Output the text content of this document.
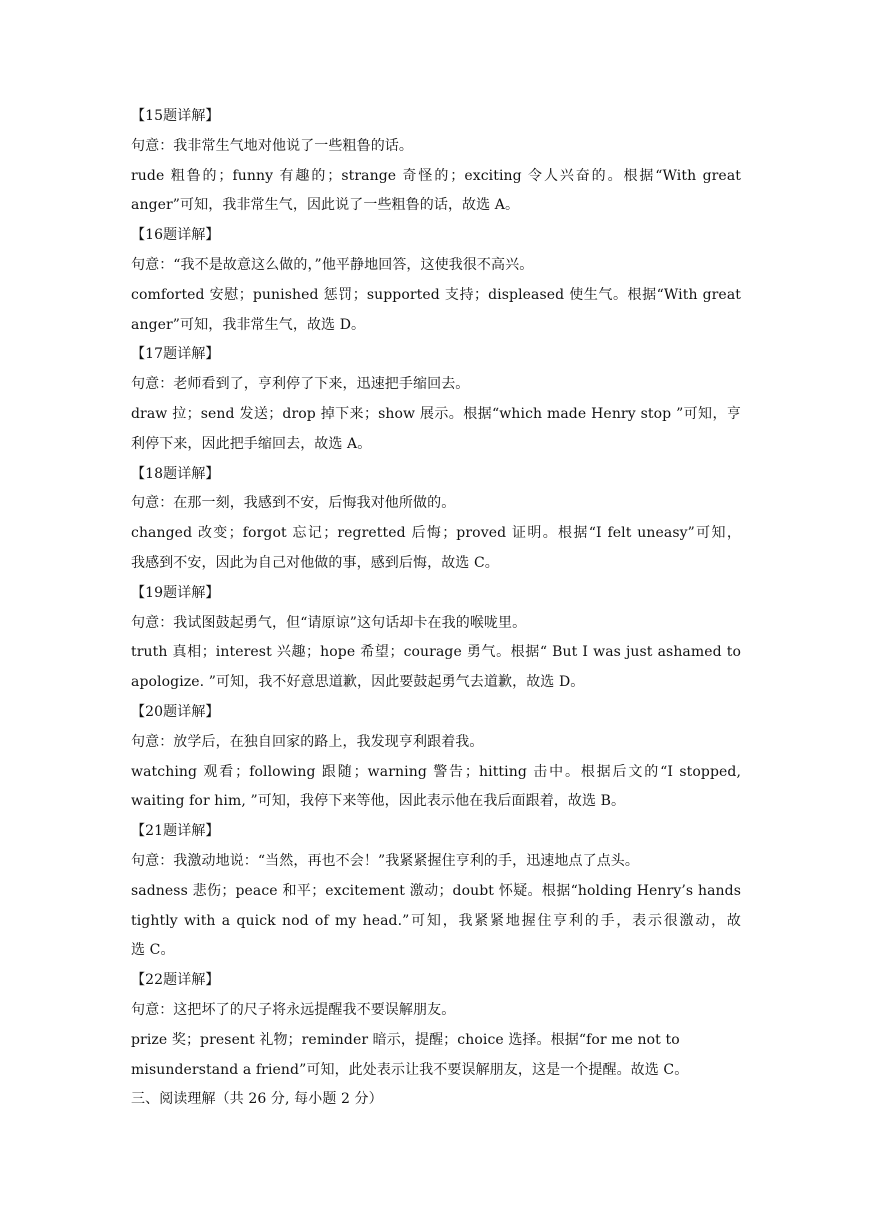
【15题详解】
句意：我非常生气地对他说了一些粗鲁的话。
rude 粗鲁的；funny 有趣的；strange 奇怪的；exciting 令人兴奋的。根据“With great
anger”可知，我非常生气，因此说了一些粗鲁的话，故选 A。
【16题详解】
句意：“我不是故意这么做的，”他平静地回答，这使我很不高兴。
comforted 安慰；punished 惩罚；supported 支持；displeased 使生气。根据“With great
anger”可知，我非常生气，故选 D。
【17题详解】
句意：老师看到了，亨利停了下来，迅速把手缩回去。
draw 拉；send 发送；drop 掉下来；show 展示。根据“which made Henry stop ”可知，亨
利停下来，因此把手缩回去，故选 A。
【18题详解】
句意：在那一刻，我感到不安，后悔我对他所做的。
changed 改变；forgot 忘记；regretted 后悔；proved 证明。根据“I felt uneasy”可知，
我感到不安，因此为自己对他做的事，感到后悔，故选 C。
【19题详解】
句意：我试图鼓起勇气，但“请原谅”这句话却卡在我的喉咙里。
truth 真相；interest 兴趣；hope 希望；courage 勇气。根据“ But I was just ashamed to
apologize. ”可知，我不好意思道歉，因此要鼓起勇气去道歉，故选 D。
【20题详解】
句意：放学后，在独自回家的路上，我发现亨利跟着我。
watching 观看；following 跟随；warning 警告；hitting 击中。根据后文的“I stopped,
waiting for him, ”可知，我停下来等他，因此表示他在我后面跟着，故选 B。
【21题详解】
句意：我激动地说：“当然，再也不会！”我紧紧握住亨利的手，迅速地点了点头。
sadness 悲伤；peace 和平；excitement 激动；doubt 怀疑。根据“holding Henry’s hands
tightly with a quick nod of my head.”可知，我紧紧地握住亨利的手，表示很激动，故
选 C。
【22题详解】
句意：这把坏了的尺子将永远提醒我不要误解朋友。
prize 奖；present 礼物；reminder 暗示，提醒；choice 选择。根据“for me not to
misunderstand a friend”可知，此处表示让我不要误解朋友，这是一个提醒。故选 C。
三、阅读理解（共 26 分, 每小题 2 分）
